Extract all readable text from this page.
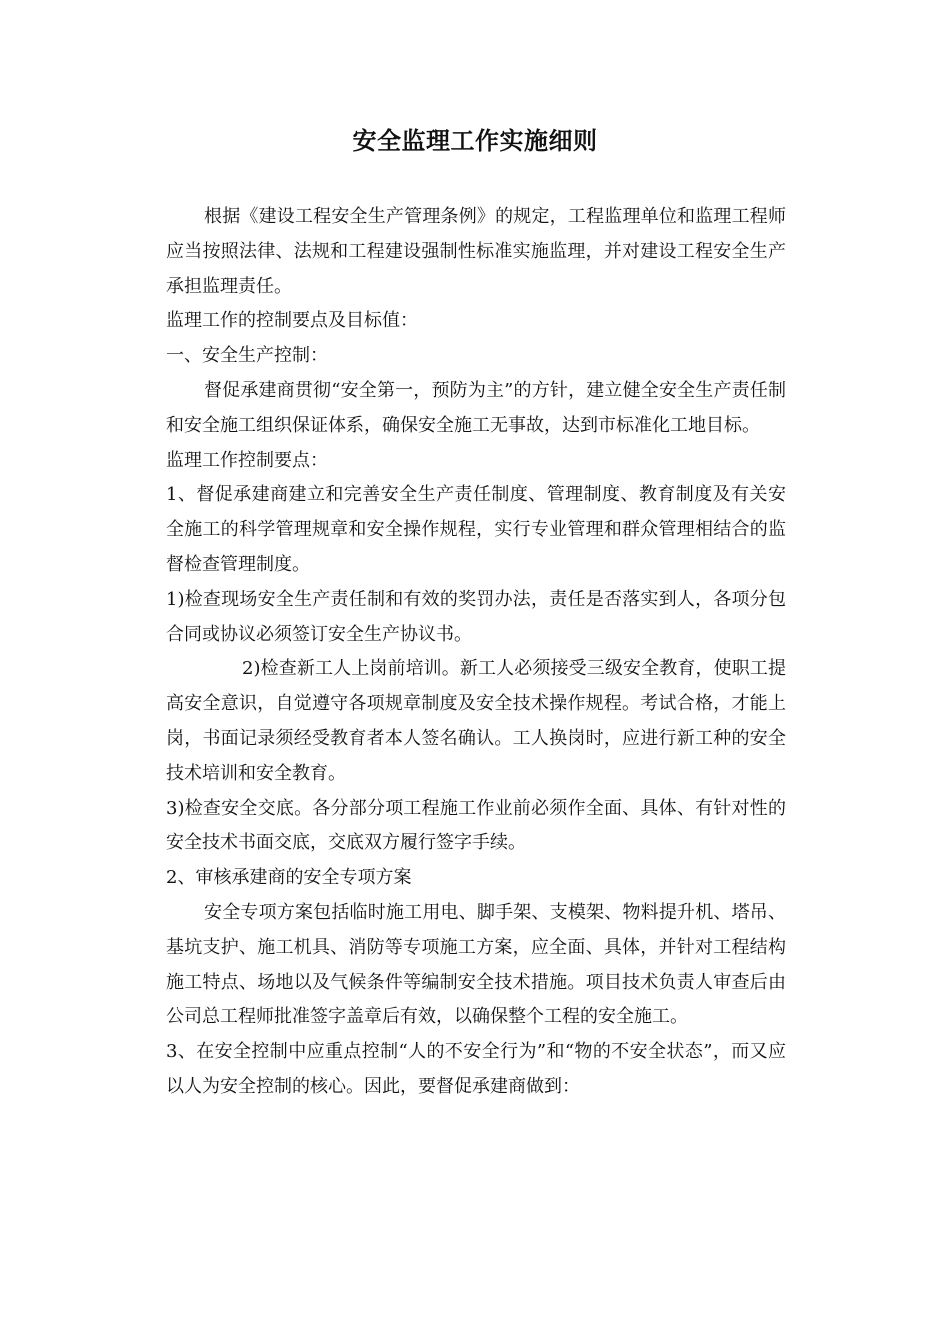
安全监理工作实施细则

根据《建设工程安全生产管理条例》的规定，工程监理单位和监理工程师应当按照法律、法规和工程建设强制性标准实施监理，并对建设工程安全生产承担监理责任。

监理工作的控制要点及目标值：

一、安全生产控制：

督促承建商贯彻“安全第一，预防为主”的方针，建立健全安全生产责任制和安全施工组织保证体系，确保安全施工无事故，达到市标准化工地目标。

监理工作控制要点：

1、督促承建商建立和完善安全生产责任制度、管理制度、教育制度及有关安全施工的科学管理规章和安全操作规程，实行专业管理和群众管理相结合的监督检查管理制度。

1)检查现场安全生产责任制和有效的奖罚办法，责任是否落实到人，各项分包合同或协议必须签订安全生产协议书。

2)检查新工人上岗前培训。新工人必须接受三级安全教育，使职工提高安全意识，自觉遵守各项规章制度及安全技术操作规程。考试合格，才能上岗，书面记录须经受教育者本人签名确认。工人换岗时，应进行新工种的安全技术培训和安全教育。

3)检查安全交底。各分部分项工程施工作业前必须作全面、具体、有针对性的安全技术书面交底，交底双方履行签字手续。

2、审核承建商的安全专项方案

安全专项方案包括临时施工用电、脚手架、支模架、物料提升机、塔吊、基坑支护、施工机具、消防等专项施工方案，应全面、具体，并针对工程结构施工特点、场地以及气候条件等编制安全技术措施。项目技术负责人审查后由公司总工程师批准签字盖章后有效，以确保整个工程的安全施工。

3、在安全控制中应重点控制“人的不安全行为”和“物的不安全状态”，而又应以人为安全控制的核心。因此，要督促承建商做到：
